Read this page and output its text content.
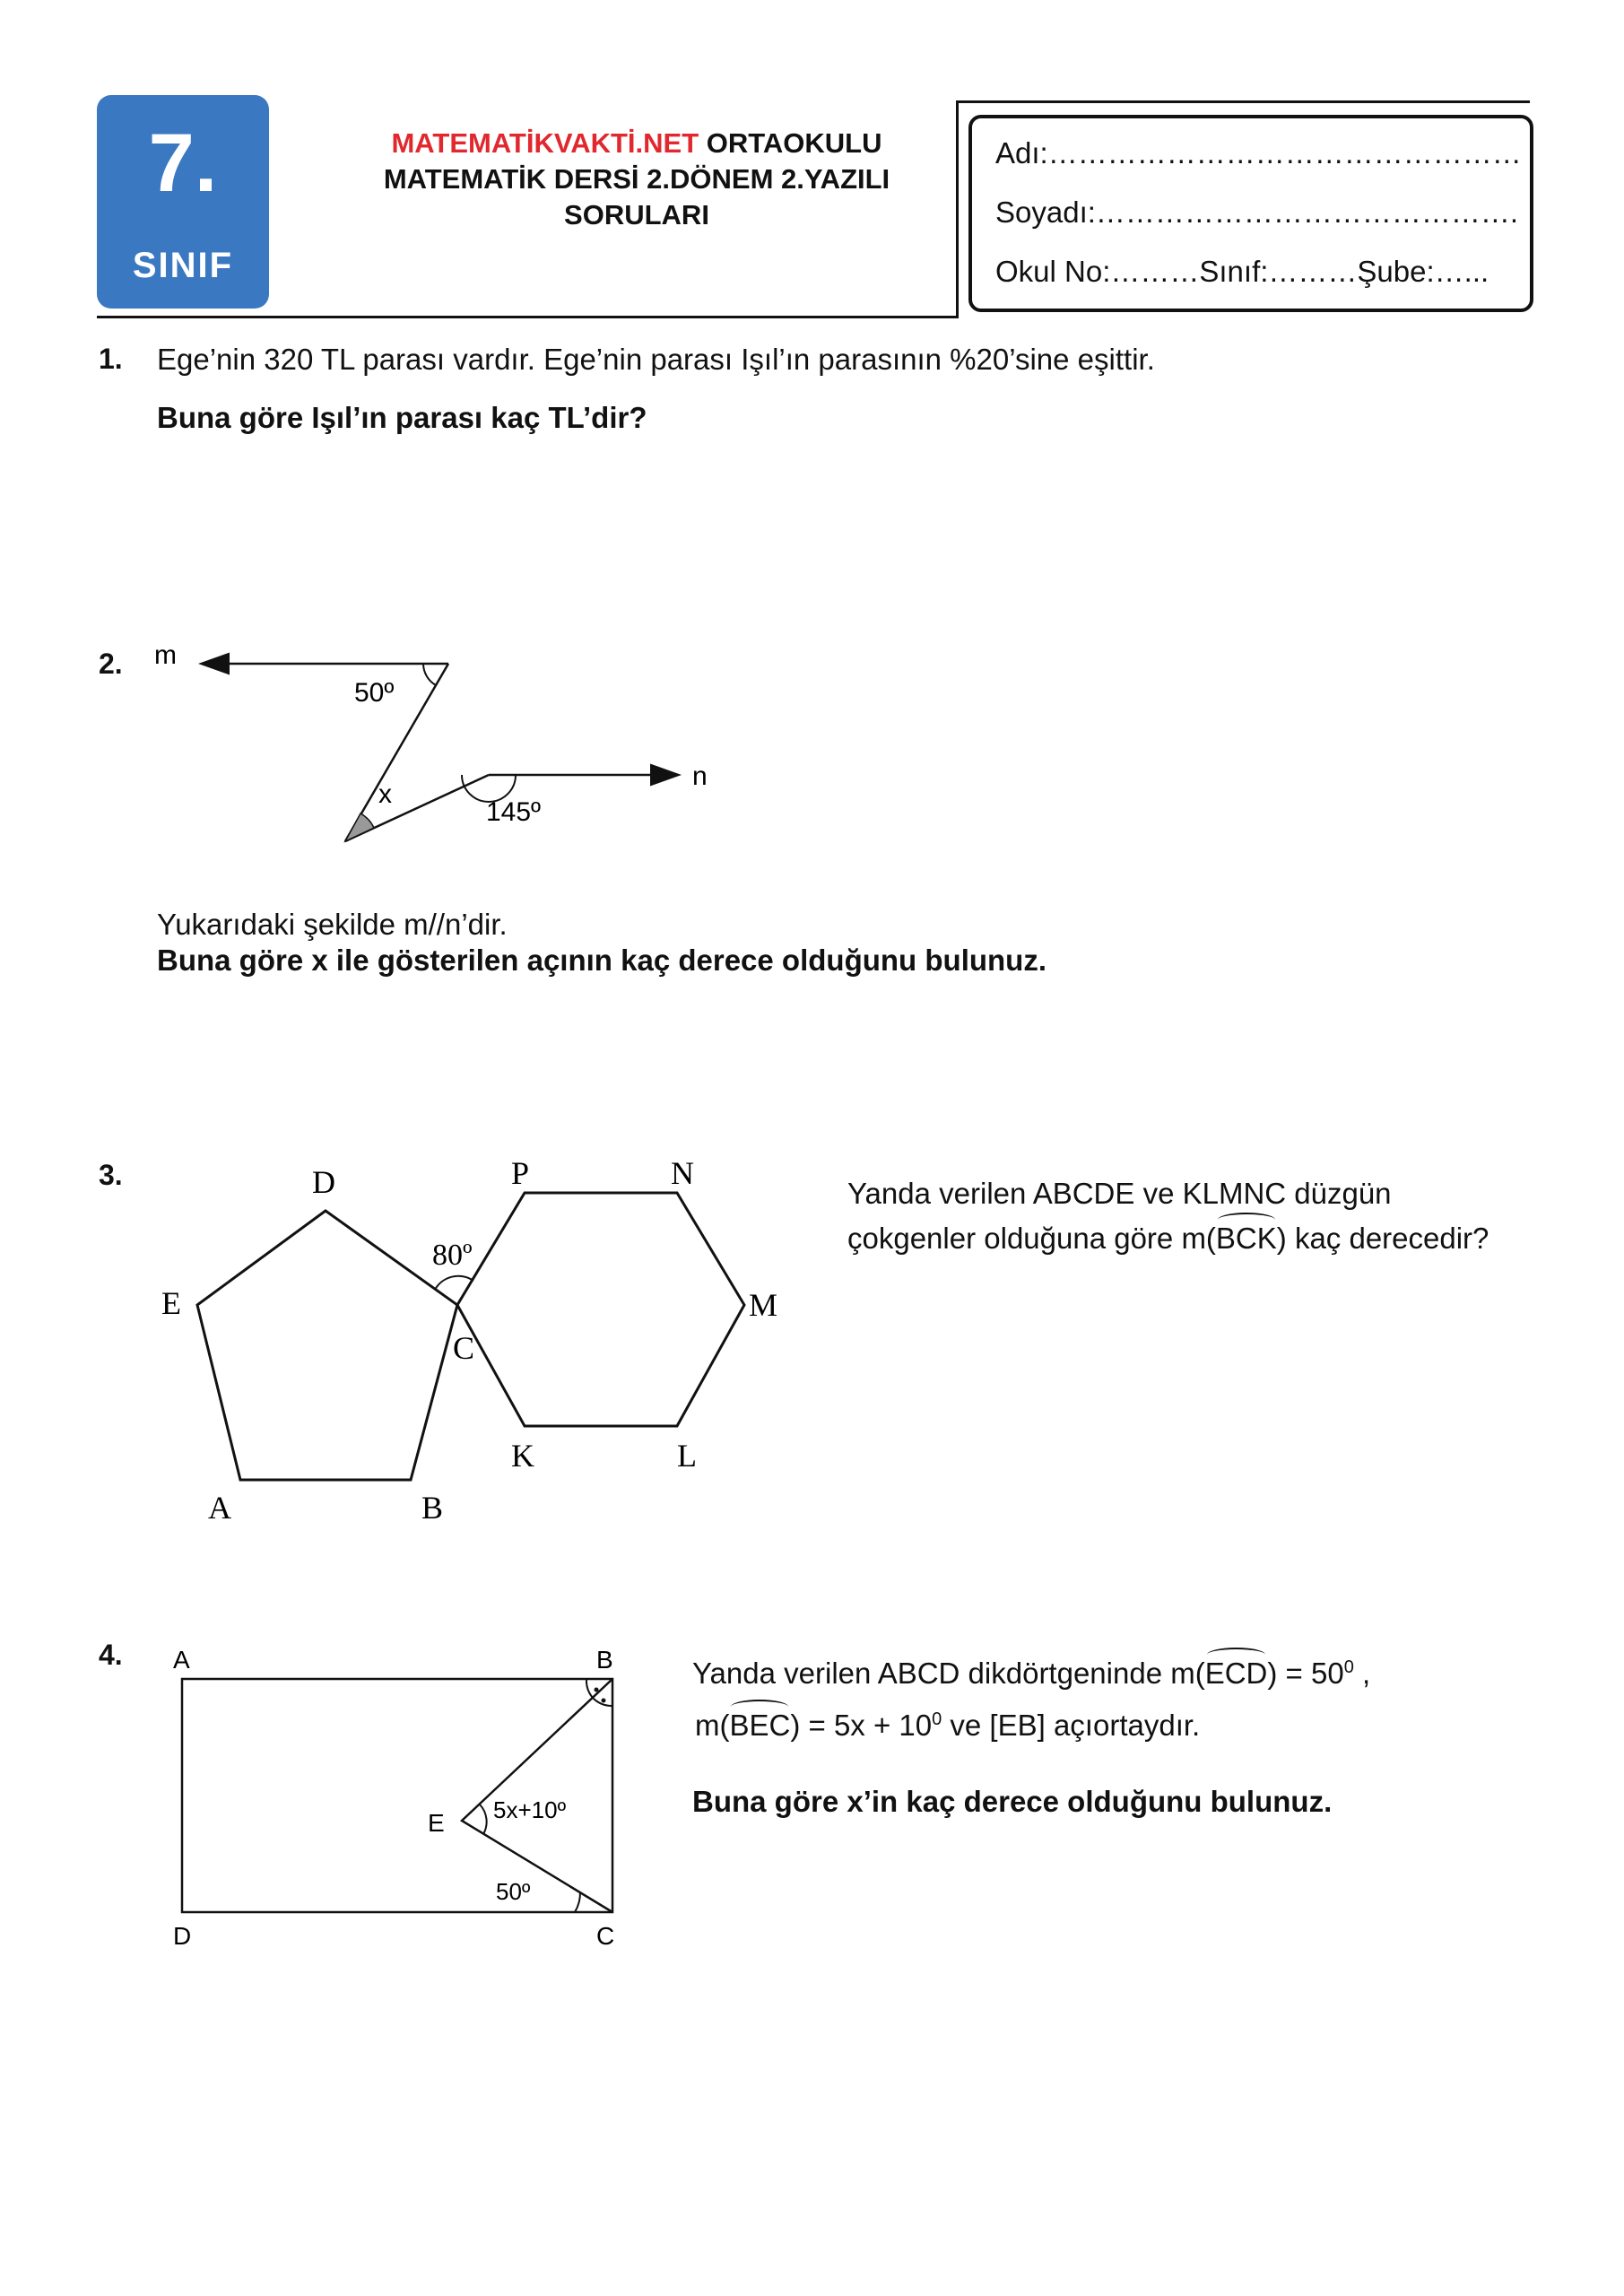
7.
SINIF
MATEMATİKVAKTİ.NET ORTAOKULU
MATEMATİK DERSİ 2.DÖNEM 2.YAZILI
SORULARI
Adı:…………………………………………
Soyadı:…………………………………….
Okul No:………Sınıf:………Şube:…...
1. Ege’nin 320 TL parası vardır. Ege’nin parası Işıl’ın parasının %20’sine eşittir.
Buna göre Işıl’ın parası kaç TL’dir?
2. m
n
50º
x
145º
Yukarıdaki şekilde m//n’dir.
Buna göre x ile gösterilen açının kaç derece olduğunu bulunuz.
3.	D
E
A	B
C
P	N
M
K	L
80º
Yanda verilen ABCDE ve KLMNC düzgün
çokgenler olduğuna göre m(BCK) kaç derecedir?
4. A	B
D	C
E 5x+10º
50º
Yanda verilen ABCD dikdörtgeninde $m(ECD) = 50^0$ ,
$m(BEC) = 5x + 10^0$ ve [EB] açıortaydır.
Buna göre x’in kaç derece olduğunu bulunuz.
